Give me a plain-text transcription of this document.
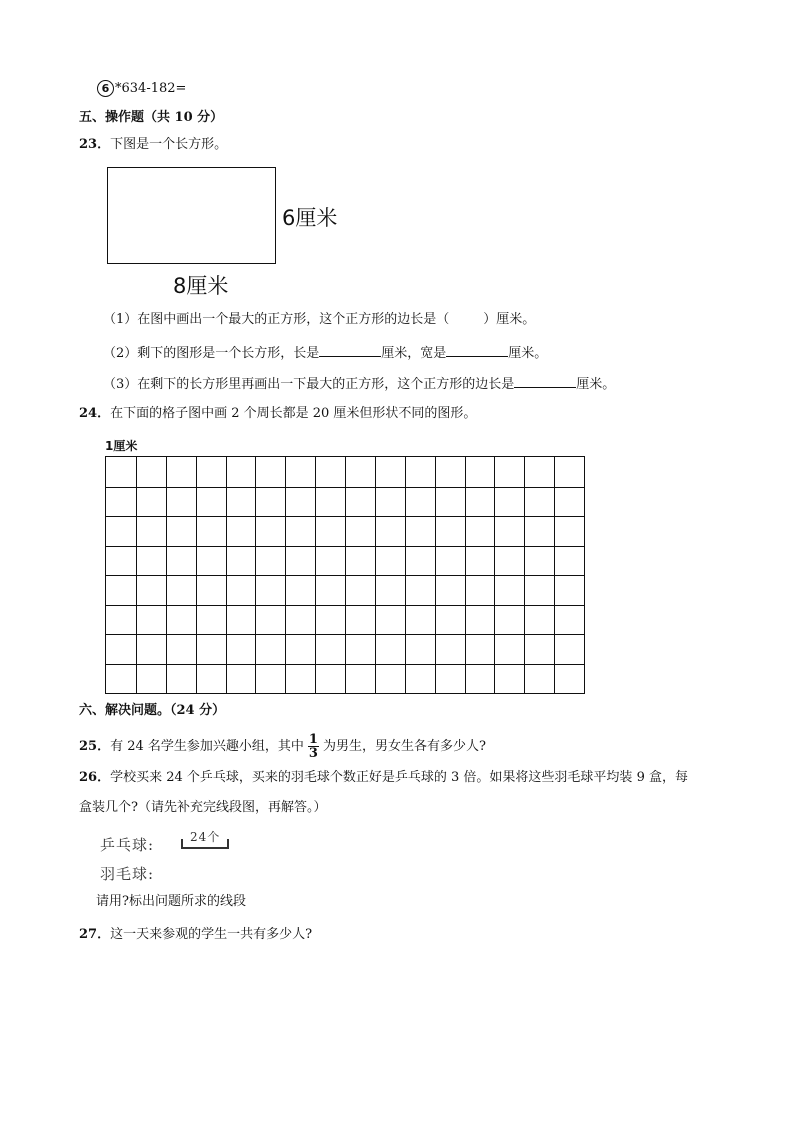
6 *634-182=
五、操作题（共 10 分）
23．下图是一个长方形。
6厘米
8厘米
（1）在图中画出一个最大的正方形，这个正方形的边长是（	）厘米。
（2）剩下的图形是一个长方形，长是	厘米，宽是	厘米。
（3）在剩下的长方形里再画出一下最大的正方形，这个正方形的边长是	厘米。
24．在下面的格子图中画 2 个周长都是 20 厘米但形状不同的图形。
1厘米
六、解决问题。（24 分）
25．有 24 名学生参加兴趣小组，其中 $\frac{1}{3}$ 为男生，男女生各有多少人?
26．学校买来 24 个乒乓球，买来的羽毛球个数正好是乒乓球的 3 倍。如果将这些羽毛球平均装 9 盒，每
盒装几个?（请先补充完线段图，再解答。）
乒乓球:	24个
羽毛球:
请用?标出问题所求的线段
27．这一天来参观的学生一共有多少人?
